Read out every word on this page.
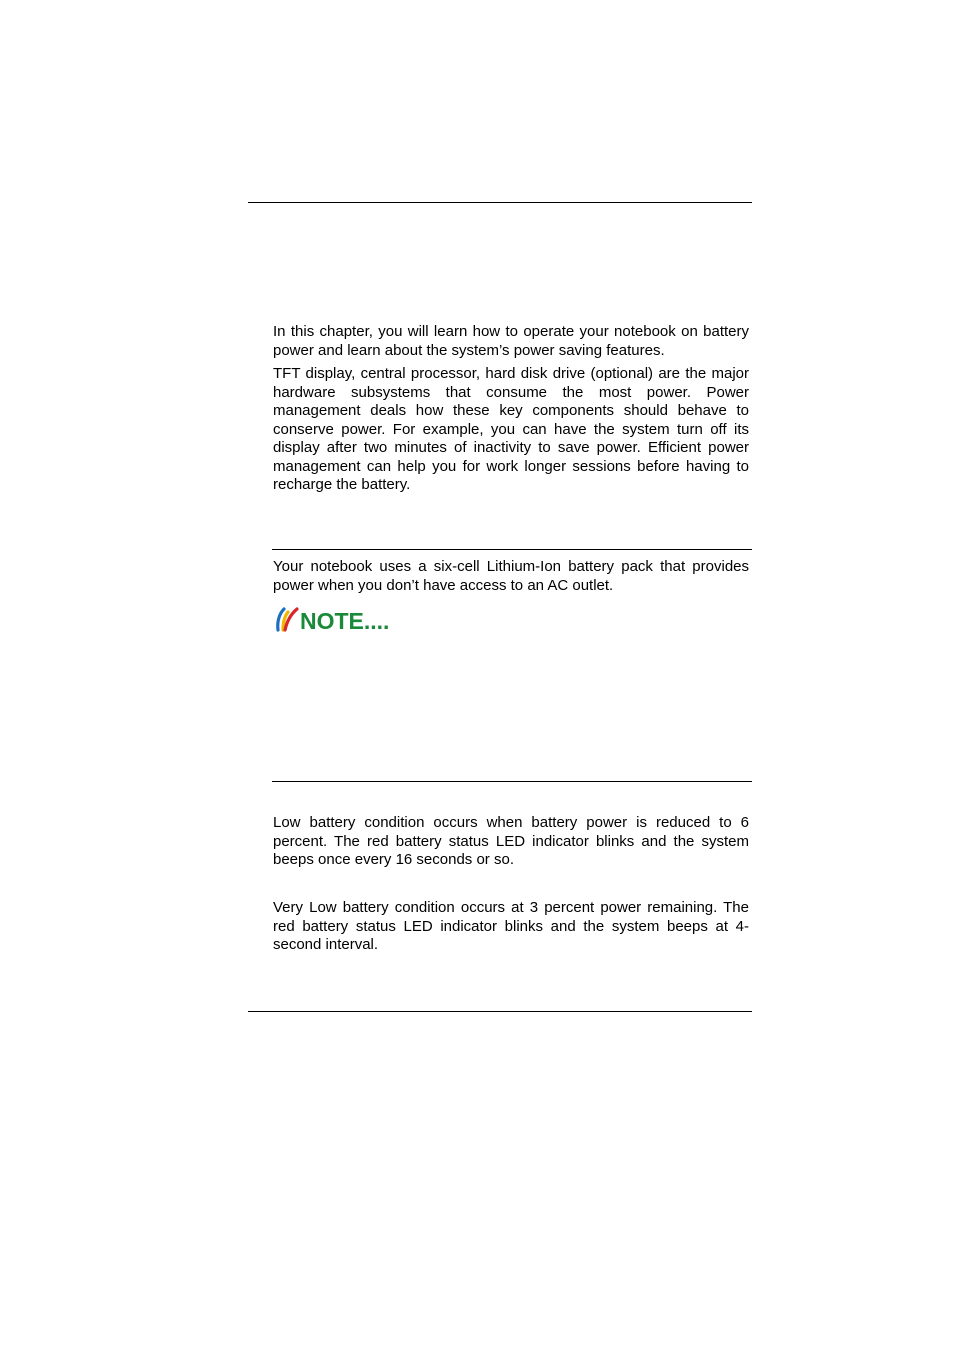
In this chapter, you will learn how to operate your notebook on battery power and learn about the system’s power saving features.

TFT display, central processor, hard disk drive (optional) are the major hardware subsystems that consume the most power. Power management deals how these key components should behave to conserve power. For example, you can have the system turn off its display after two minutes of inactivity to save power. Efficient power management can help you for work longer sessions before having to recharge the battery.

Your notebook uses a six-cell Lithium-Ion battery pack that provides power when you don’t have access to an AC outlet.

NOTE....

Low battery condition occurs when battery power is reduced to 6 percent. The red battery status LED indicator blinks and the system beeps once every 16 seconds or so.

Very Low battery condition occurs at 3 percent power remaining. The red battery status LED indicator blinks and the system beeps at 4-second interval.
